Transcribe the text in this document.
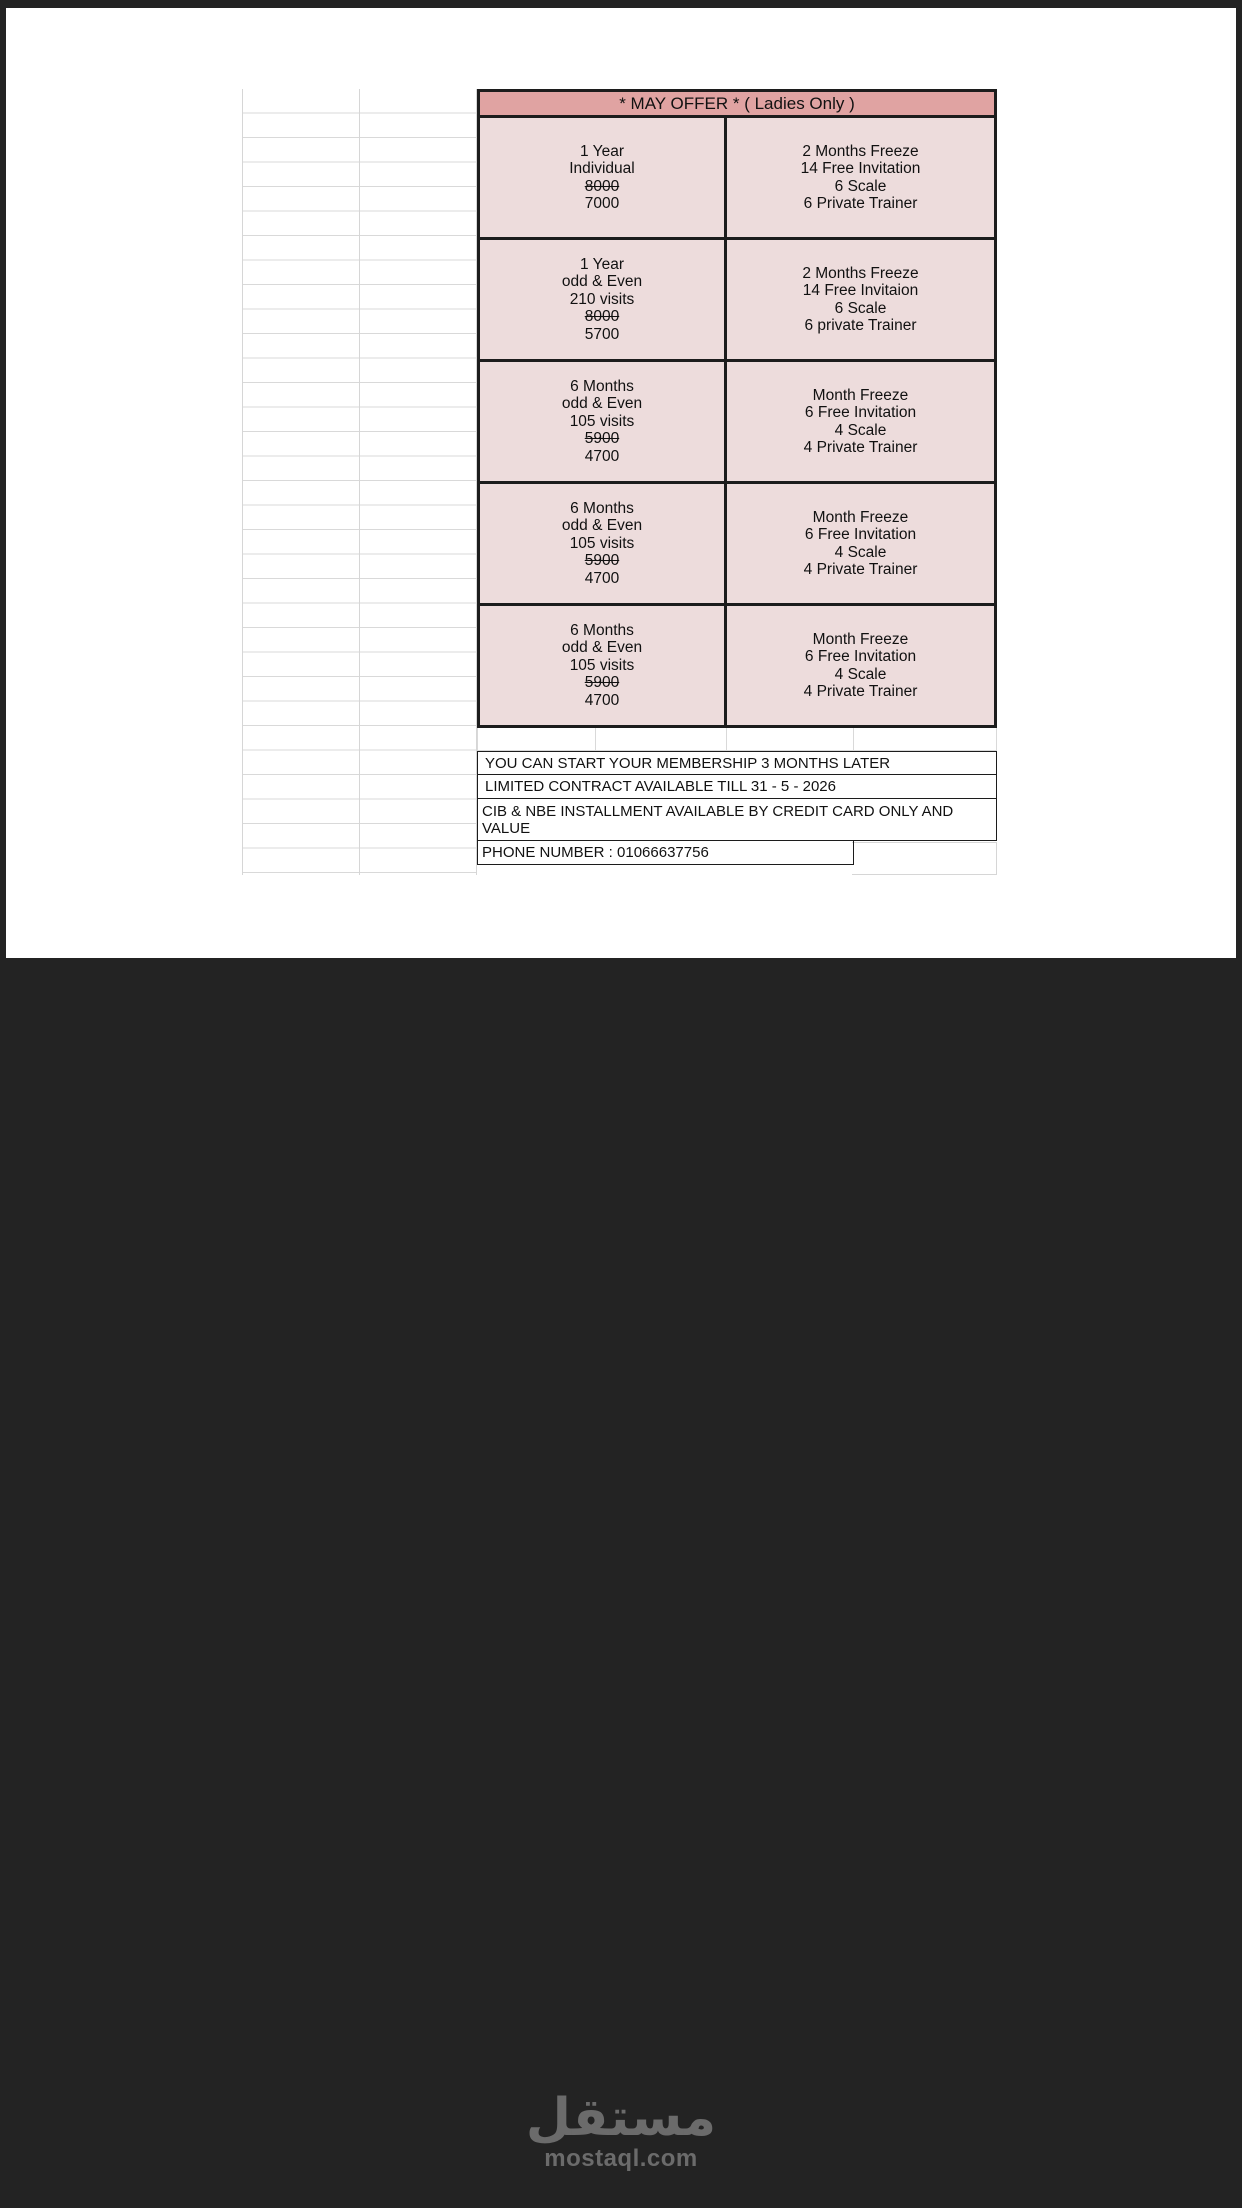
* MAY OFFER * ( Ladies Only )
1 Year
Individual
8000
7000
2 Months Freeze
14 Free Invitation
6 Scale
6 Private Trainer
1 Year
odd & Even
210 visits
8000
5700
2 Months Freeze
14 Free Invitaion
6 Scale
6 private Trainer
6 Months
odd & Even
105 visits
5900
4700
Month Freeze
6 Free Invitation
4 Scale
4 Private Trainer
6 Months
odd & Even
105 visits
5900
4700
Month Freeze
6 Free Invitation
4 Scale
4 Private Trainer
6 Months
odd & Even
105 visits
5900
4700
Month Freeze
6 Free Invitation
4 Scale
4 Private Trainer
YOU CAN START YOUR MEMBERSHIP 3 MONTHS LATER
LIMITED CONTRACT AVAILABLE TILL 31 - 5 - 2026
CIB & NBE INSTALLMENT AVAILABLE BY CREDIT CARD ONLY AND VALUE
PHONE NUMBER : 01066637756
مستقل
mostaql.com
